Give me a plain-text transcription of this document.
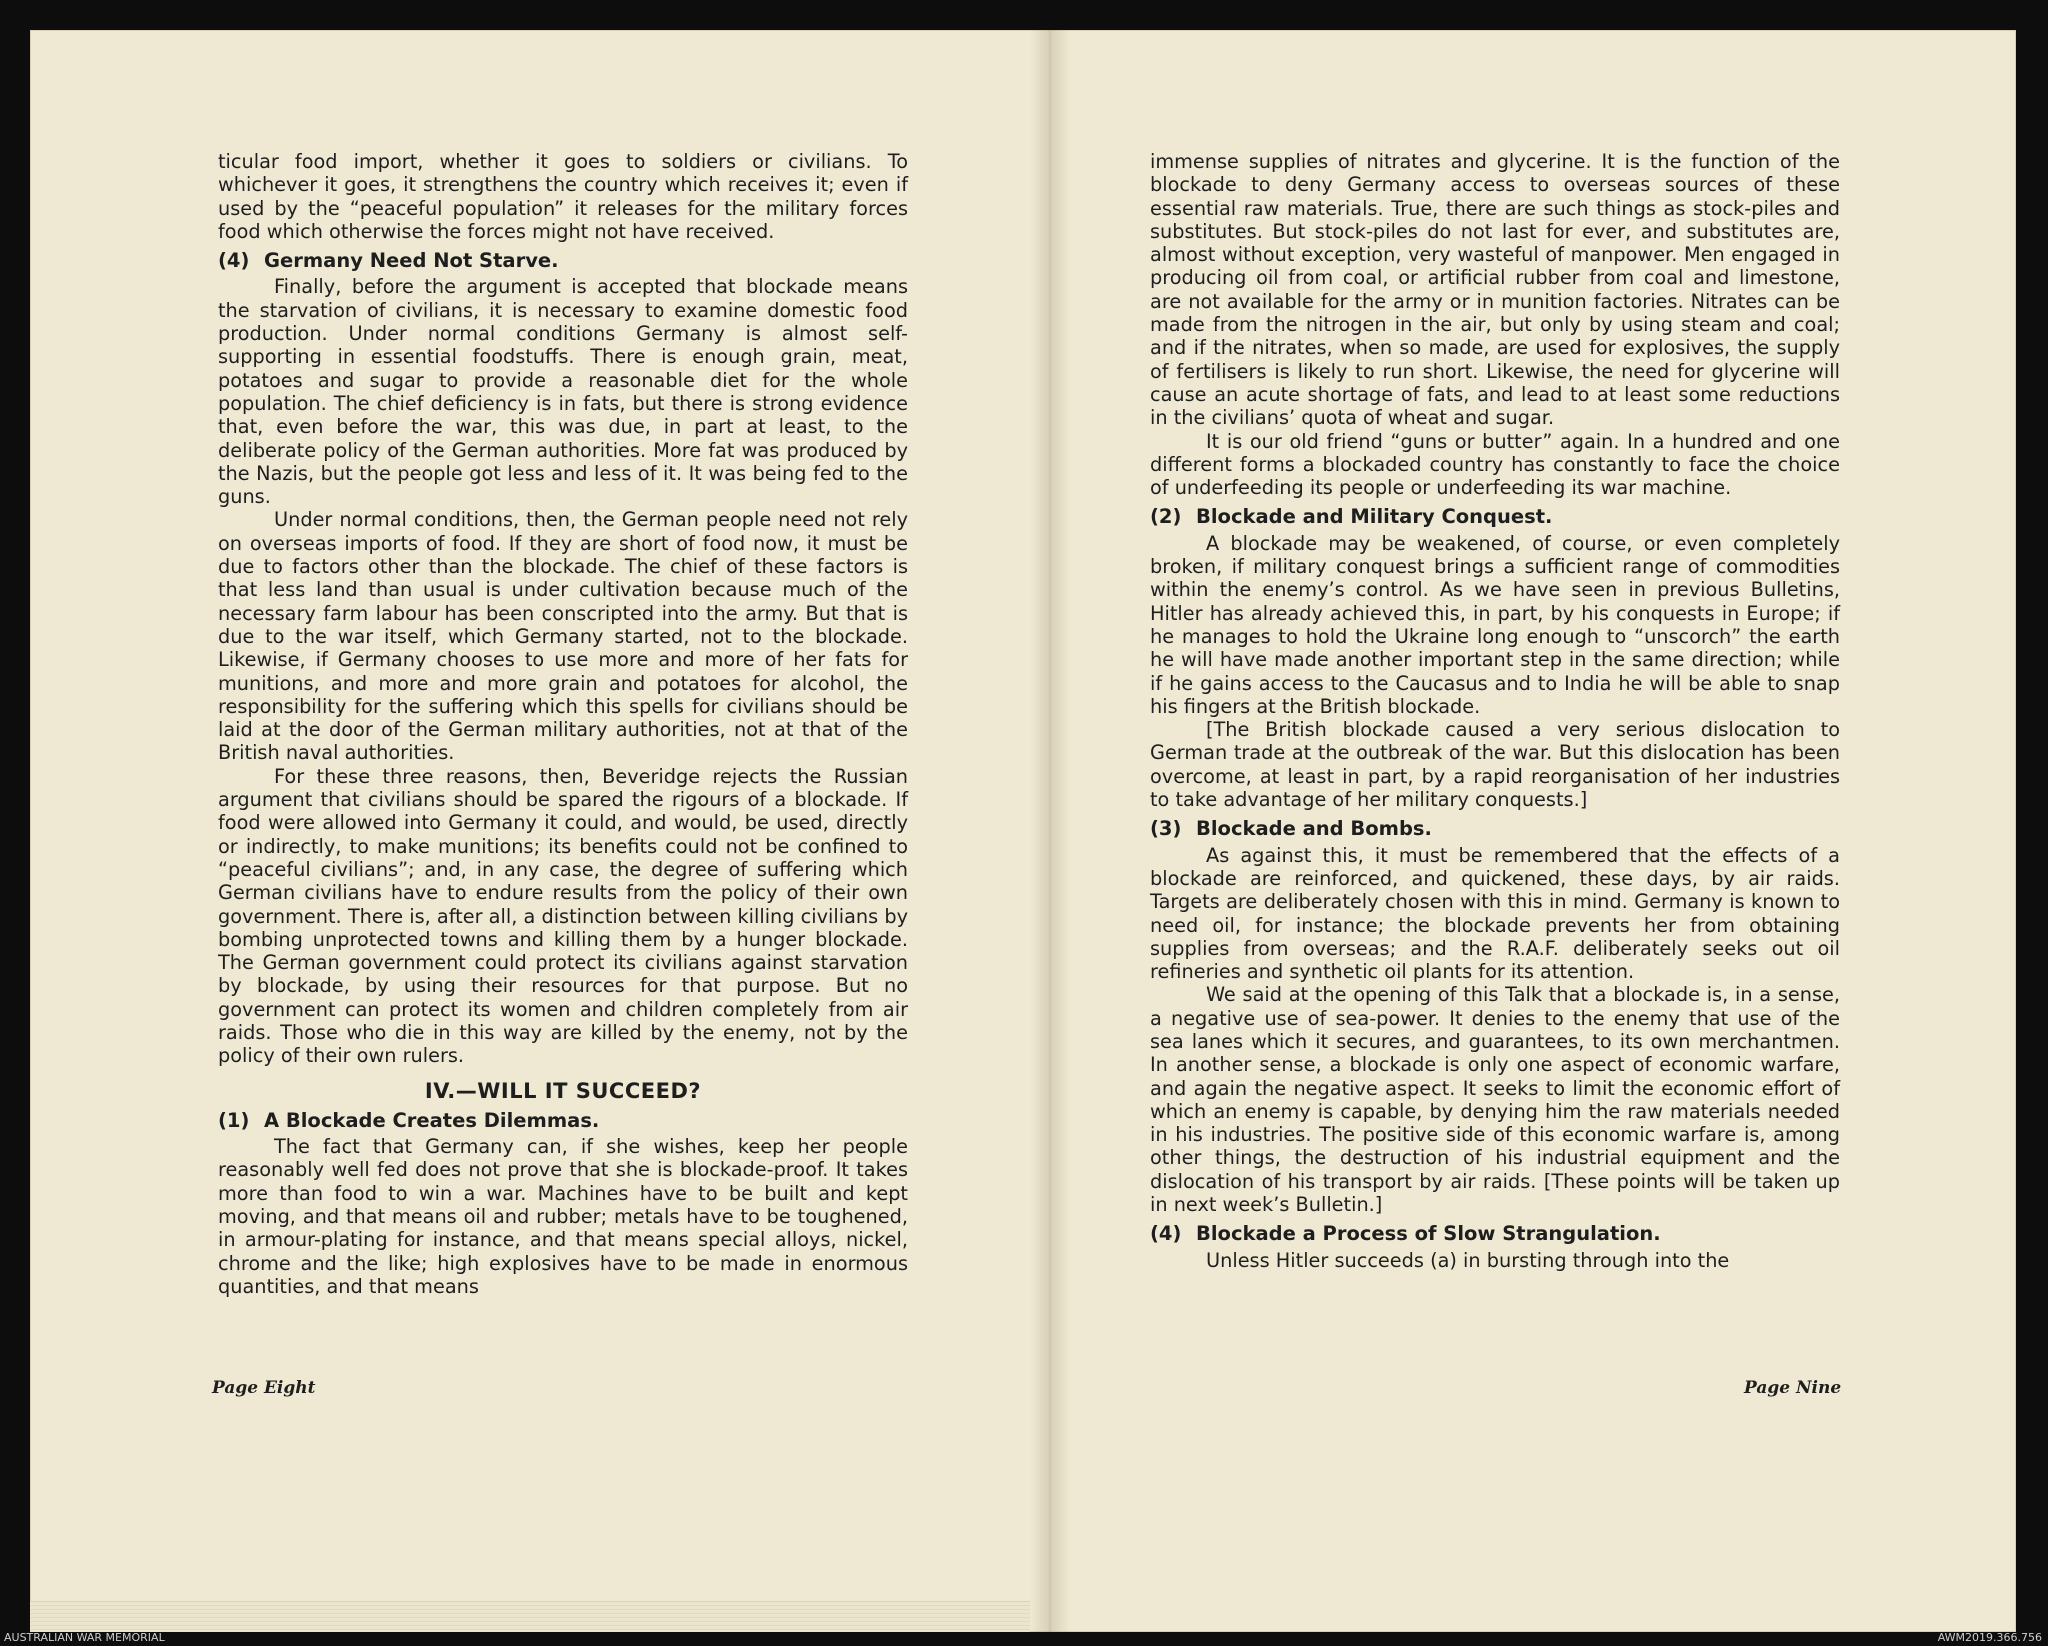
ticular food import, whether it goes to soldiers or civilians. To whichever it goes, it strengthens the country which receives it; even if used by the “peaceful population” it releases for the military forces food which otherwise the forces might not have received.

(4) Germany Need Not Starve.

Finally, before the argument is accepted that blockade means the starvation of civilians, it is necessary to examine domestic food production. Under normal conditions Germany is almost self-supporting in essential foodstuffs. There is enough grain, meat, potatoes and sugar to provide a reasonable diet for the whole population. The chief deficiency is in fats, but there is strong evidence that, even before the war, this was due, in part at least, to the deliberate policy of the German authorities. More fat was produced by the Nazis, but the people got less and less of it. It was being fed to the guns.

Under normal conditions, then, the German people need not rely on overseas imports of food. If they are short of food now, it must be due to factors other than the blockade. The chief of these factors is that less land than usual is under cultivation because much of the necessary farm labour has been conscripted into the army. But that is due to the war itself, which Germany started, not to the blockade. Likewise, if Germany chooses to use more and more of her fats for munitions, and more and more grain and potatoes for alcohol, the responsibility for the suffering which this spells for civilians should be laid at the door of the German military authorities, not at that of the British naval authorities.

For these three reasons, then, Beveridge rejects the Russian argument that civilians should be spared the rigours of a blockade. If food were allowed into Germany it could, and would, be used, directly or indirectly, to make munitions; its benefits could not be confined to “peaceful civilians”; and, in any case, the degree of suffering which German civilians have to endure results from the policy of their own government. There is, after all, a distinction between killing civilians by bombing unprotected towns and killing them by a hunger blockade. The German government could protect its civilians against starvation by blockade, by using their resources for that purpose. But no government can protect its women and children completely from air raids. Those who die in this way are killed by the enemy, not by the policy of their own rulers.

IV.—WILL IT SUCCEED?
(1) A Blockade Creates Dilemmas.

The fact that Germany can, if she wishes, keep her people reasonably well fed does not prove that she is blockade-proof. It takes more than food to win a war. Machines have to be built and kept moving, and that means oil and rubber; metals have to be toughened, in armour-plating for instance, and that means special alloys, nickel, chrome and the like; high explosives have to be made in enormous quantities, and that means

Page Eight

immense supplies of nitrates and glycerine. It is the function of the blockade to deny Germany access to overseas sources of these essential raw materials. True, there are such things as stock-piles and substitutes. But stock-piles do not last for ever, and substitutes are, almost without exception, very wasteful of manpower. Men engaged in producing oil from coal, or artificial rubber from coal and limestone, are not available for the army or in munition factories. Nitrates can be made from the nitrogen in the air, but only by using steam and coal; and if the nitrates, when so made, are used for explosives, the supply of fertilisers is likely to run short. Likewise, the need for glycerine will cause an acute shortage of fats, and lead to at least some reductions in the civilians’ quota of wheat and sugar.

It is our old friend “guns or butter” again. In a hundred and one different forms a blockaded country has constantly to face the choice of underfeeding its people or underfeeding its war machine.

(2) Blockade and Military Conquest.

A blockade may be weakened, of course, or even completely broken, if military conquest brings a sufficient range of commodities within the enemy’s control. As we have seen in previous Bulletins, Hitler has already achieved this, in part, by his conquests in Europe; if he manages to hold the Ukraine long enough to “unscorch” the earth he will have made another important step in the same direction; while if he gains access to the Caucasus and to India he will be able to snap his fingers at the British blockade.

[The British blockade caused a very serious dislocation to German trade at the outbreak of the war. But this dislocation has been overcome, at least in part, by a rapid reorganisation of her industries to take advantage of her military conquests.]

(3) Blockade and Bombs.

As against this, it must be remembered that the effects of a blockade are reinforced, and quickened, these days, by air raids. Targets are deliberately chosen with this in mind. Germany is known to need oil, for instance; the blockade prevents her from obtaining supplies from overseas; and the R.A.F. deliberately seeks out oil refineries and synthetic oil plants for its attention.

We said at the opening of this Talk that a blockade is, in a sense, a negative use of sea-power. It denies to the enemy that use of the sea lanes which it secures, and guarantees, to its own merchantmen. In another sense, a blockade is only one aspect of economic warfare, and again the negative aspect. It seeks to limit the economic effort of which an enemy is capable, by denying him the raw materials needed in his industries. The positive side of this economic warfare is, among other things, the destruction of his industrial equipment and the dislocation of his transport by air raids. [These points will be taken up in next week’s Bulletin.]

(4) Blockade a Process of Slow Strangulation.

Unless Hitler succeeds (a) in bursting through into the

Page Nine
AUSTRALIAN WAR MEMORIAL	AWM2019.366.756
